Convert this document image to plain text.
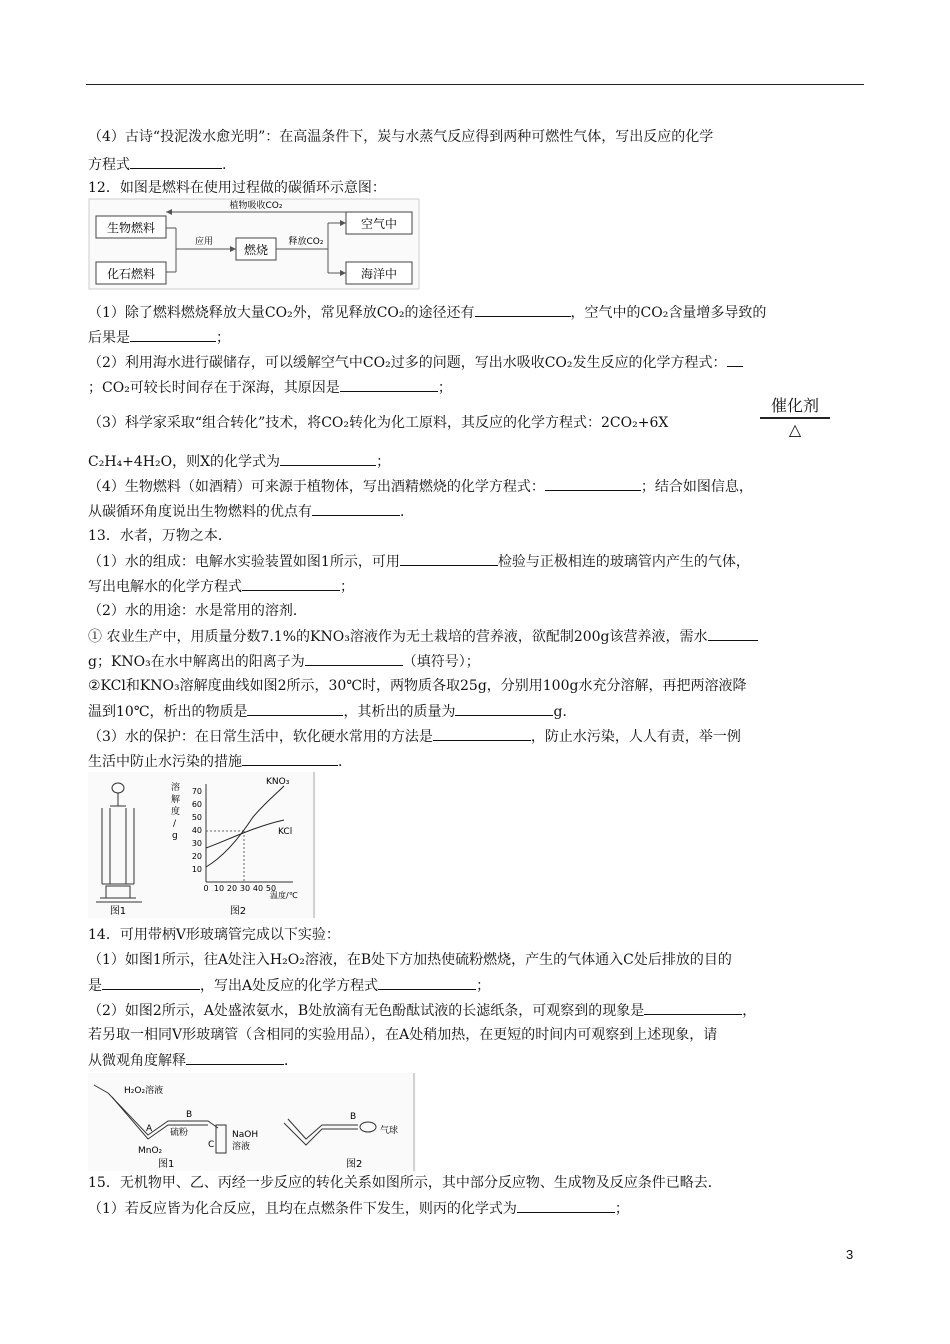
（4）古诗“投泥泼水愈光明”：在高温条件下，炭与水蒸气反应得到两种可燃性气体，写出反应的化学
方程式	.
12．如图是燃料在使用过程做的碳循环示意图：
生物燃料
化石燃料
燃烧
空气中
海洋中
植物吸收CO₂
应用	释放CO₂
（1）除了燃料燃烧释放大量CO₂外，常见释放CO₂的途径还有	，空气中的CO₂含量增多导致的
后果是	；
（2）利用海水进行碳储存，可以缓解空气中CO₂过多的问题，写出水吸收CO₂发生反应的化学方程式：
；CO₂可较长时间存在于深海，其原因是	；
（3）科学家采取“组合转化”技术，将CO₂转化为化工原料，其反应的化学方程式：2CO₂+6X
催化剂
△
C₂H₄+4H₂O，则X的化学式为	；
（4）生物燃料（如酒精）可来源于植物体，写出酒精燃烧的化学方程式：	；结合如图信息，
从碳循环角度说出生物燃料的优点有	．
13．水者，万物之本．
（1）水的组成：电解水实验装置如图1所示，可用	检验与正极相连的玻璃管内产生的气体，
写出电解水的化学方程式	；
（2）水的用途：水是常用的溶剂．
① 农业生产中，用质量分数7.1%的KNO₃溶液作为无土栽培的营养液，欲配制200g该营养液，需水
g；KNO₃在水中解离出的阳离子为	（填符号）；
②KCl和KNO₃溶解度曲线如图2所示，30℃时，两物质各取25g，分别用100g水充分溶解，再把两溶液降
温到10℃，析出的物质是	，其析出的质量为	g．
（3）水的保护：在日常生活中，软化硬水常用的方法是	，防止水污染，人人有责，举一例
生活中防止水污染的措施	．
图1
溶
解
度
/
g
10
20
30
40
50
60
70
0 10 20 30 40 50
KNO₃
KCl
温度/℃
图2
14．可用带柄V形玻璃管完成以下实验：
（1）如图1所示，往A处注入H₂O₂溶液，在B处下方加热使硫粉燃烧，产生的气体通入C处后排放的目的
是	，写出A处反应的化学方程式	；
（2）如图2所示，A处盛浓氨水，B处放滴有无色酚酞试液的长滤纸条，可观察到的现象是	，
若另取一相同V形玻璃管（含相同的实验用品），在A处稍加热，在更短的时间内可观察到上述现象，请
从微观角度解释	．
H₂O₂溶液
A
B
硫粉
MnO₂
C
NaOH
溶液
图1
B
气球
图2
15．无机物甲、乙、丙经一步反应的转化关系如图所示，其中部分反应物、生成物及反应条件已略去．
（1）若反应皆为化合反应，且均在点燃条件下发生，则丙的化学式为	；
3
